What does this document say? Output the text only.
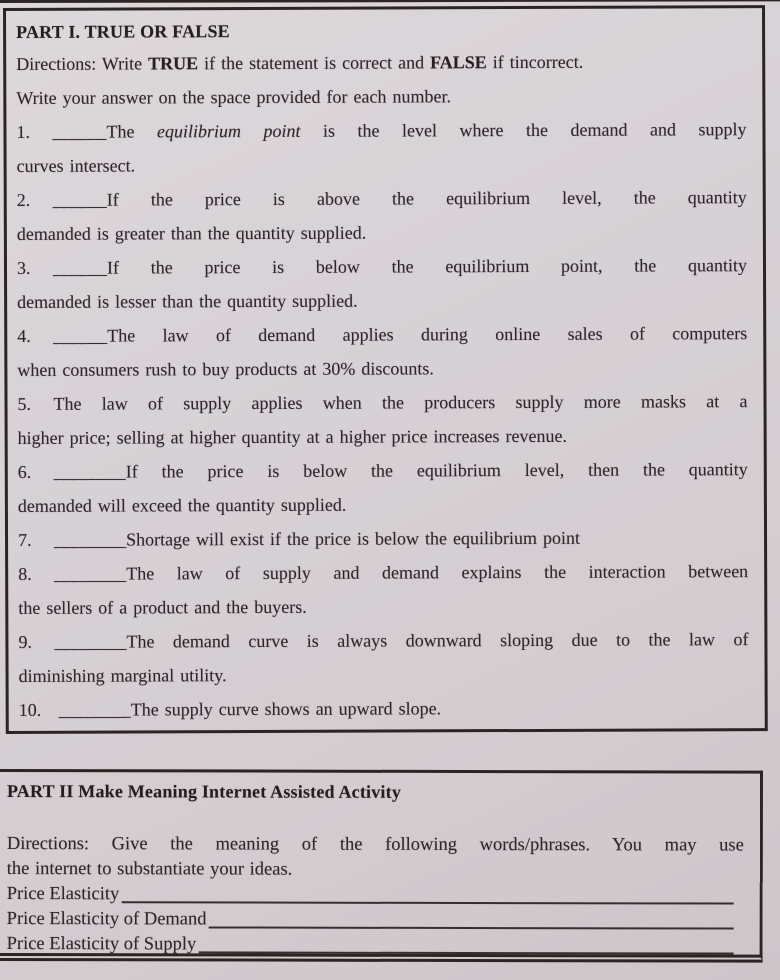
PART I. TRUE OR FALSE

Directions: Write TRUE if the statement is correct and FALSE if tincorrect.

Write your answer on the space provided for each number.

1. ______The equilibrium point is the level where the demand and supply

curves intersect.

2. ______If the price is above the equilibrium level, the quantity

demanded is greater than the quantity supplied.

3. ______If the price is below the equilibrium point, the quantity

demanded is lesser than the quantity supplied.

4. ______The law of demand applies during online sales of computers

when consumers rush to buy products at 30% discounts.

5. The law of supply applies when the producers supply more masks at a

higher price; selling at higher quantity at a higher price increases revenue.

6. ________If the price is below the equilibrium level, then the quantity

demanded will exceed the quantity supplied.

7. ________Shortage will exist if the price is below the equilibrium point

8. ________The law of supply and demand explains the interaction between

the sellers of a product and the buyers.

9. ________The demand curve is always downward sloping due to the law of

diminishing marginal utility.

10. ________The supply curve shows an upward slope.

PART II Make Meaning Internet Assisted Activity

Directions: Give the meaning of the following words/phrases. You may use

the internet to substantiate your ideas.

Price Elasticity
Price Elasticity of Demand
Price Elasticity of Supply
